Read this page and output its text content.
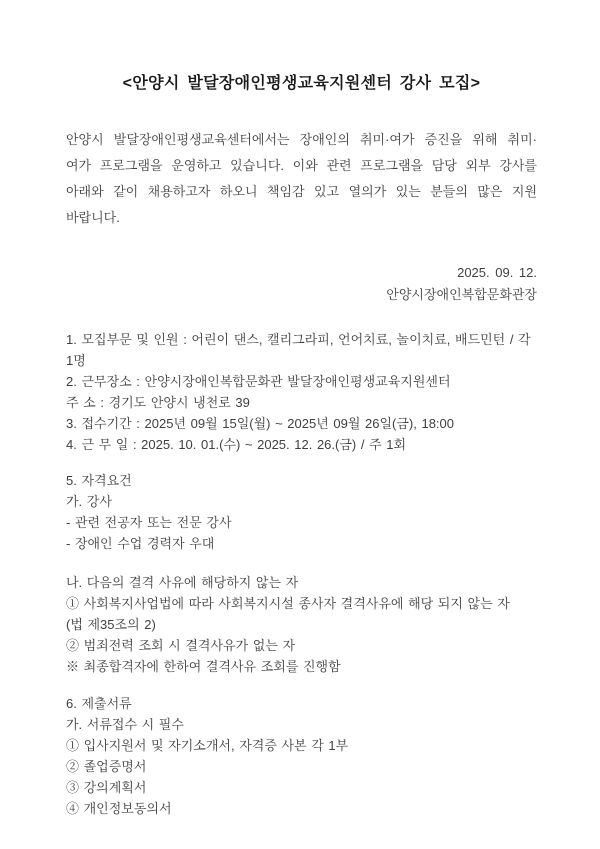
<안양시 발달장애인평생교육지원센터 강사 모집>
안양시 발달장애인평생교육센터에서는 장애인의 취미·여가 증진을 위해 취미·
여가 프로그램을 운영하고 있습니다. 이와 관련 프로그램을 담당 외부 강사를
아래와 같이 채용하고자 하오니 책임감 있고 열의가 있는 분들의 많은 지원
바랍니다.
2025. 09. 12.
안양시장애인복합문화관장
1. 모집부문 및 인원 : 어린이 댄스, 캘리그라피, 언어치료, 놀이치료, 배드민턴 / 각 1명
2. 근무장소 : 안양시장애인복합문화관 발달장애인평생교육지원센터
주 소 : 경기도 안양시 냉천로 39
3. 접수기간 : 2025년 09월 15일(월) ~ 2025년 09월 26일(금), 18:00
4. 근 무 일 : 2025. 10. 01.(수) ~ 2025. 12. 26.(금) / 주 1회
5. 자격요건
가. 강사
- 관련 전공자 또는 전문 강사
- 장애인 수업 경력자 우대
나. 다음의 결격 사유에 해당하지 않는 자
① 사회복지사업법에 따라 사회복지시설 종사자 결격사유에 해당 되지 않는 자
(법 제35조의 2)
② 범죄전력 조회 시 결격사유가 없는 자
※ 최종합격자에 한하여 결격사유 조회를 진행함
6. 제출서류
가. 서류접수 시 필수
① 입사지원서 및 자기소개서, 자격증 사본 각 1부
② 졸업증명서
③ 강의계획서
④ 개인정보동의서
